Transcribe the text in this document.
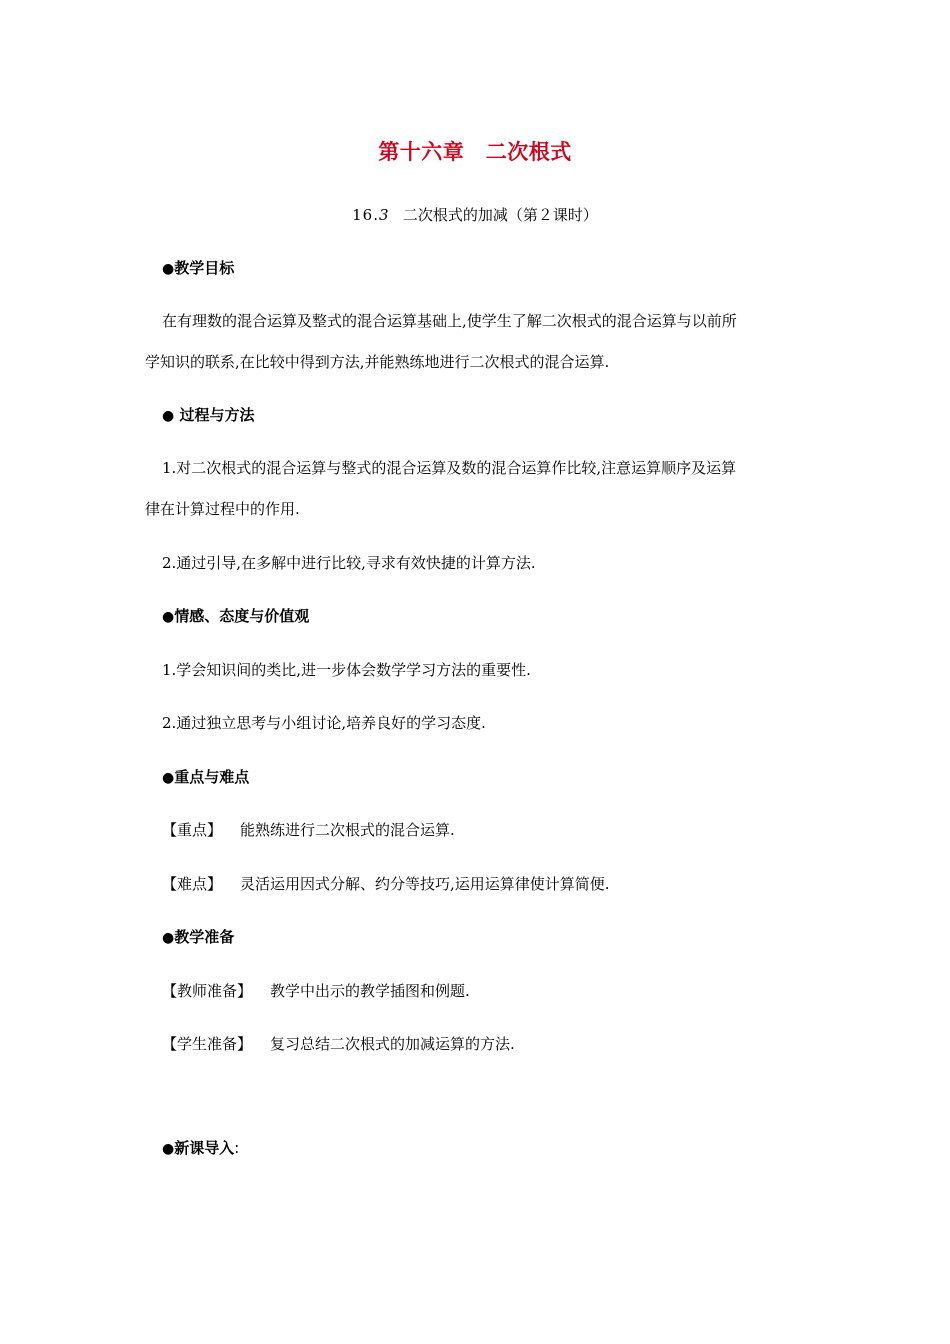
第十六章　二次根式
16.3 二次根式的加减（第２课时）
●教学目标
在有理数的混合运算及整式的混合运算基础上,使学生了解二次根式的混合运算与以前所
学知识的联系,在比较中得到方法,并能熟练地进行二次根式的混合运算.
● 过程与方法
1.对二次根式的混合运算与整式的混合运算及数的混合运算作比较,注意运算顺序及运算
律在计算过程中的作用.
2.通过引导,在多解中进行比较,寻求有效快捷的计算方法.
●情感、态度与价值观
1.学会知识间的类比,进一步体会数学学习方法的重要性.
2.通过独立思考与小组讨论,培养良好的学习态度.
●重点与难点
【重点】 能熟练进行二次根式的混合运算.
【难点】 灵活运用因式分解、约分等技巧,运用运算律使计算简便.
●教学准备
【教师准备】 教学中出示的教学插图和例题.
【学生准备】 复习总结二次根式的加减运算的方法.
●新课导入:
